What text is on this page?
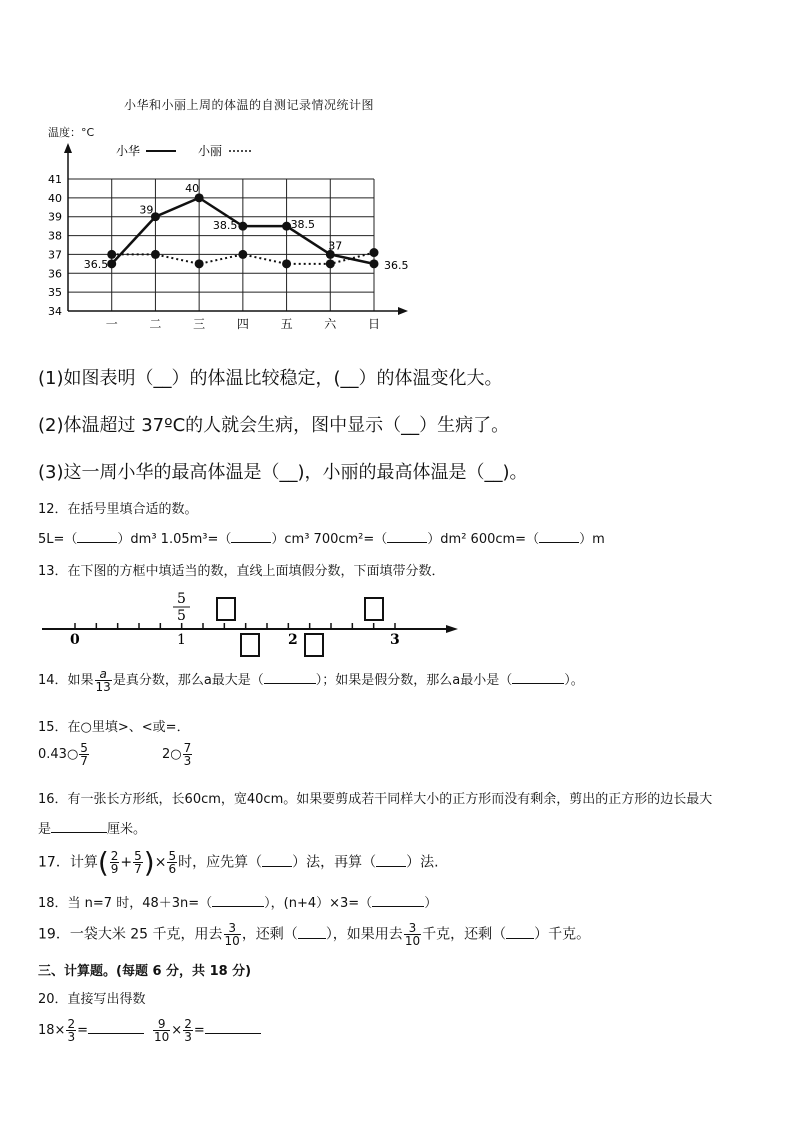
小华和小丽上周的体温的自测记录情况统计图
温度：°C
34
35
36
37
38
39
40
41
一	二	三	四	五	六	日
36.5
39
40
38.5	38.5
37
36.5
小华	小丽
(1)如图表明（__）的体温比较稳定，(__）的体温变化大。
(2)体温超过 37ºC的人就会生病，图中显示（__）生病了。
(3)这一周小华的最高体温是（__)，小丽的最高体温是（__)。
12．在括号里填合适的数。
5L=（	）dm³ 1.05m³=（	）cm³ 700cm²=（	）dm² 600cm=（	）m
13．在下图的方框中填适当的数，直线上面填假分数，下面填带分数．
0	1	2	3
5
5
14．如果 $\frac{a}{13}$ 是真分数，那么a最大是（	）；如果是假分数，那么a最小是（	）。
15．在○里填>、<或=．
0.43○ $\frac{5}{7}$	2○ $\frac{7}{3}$
16．有一张长方形纸，长60cm，宽40cm。如果要剪成若干同样大小的正方形而没有剩余，剪出的正方形的边长最大
是	厘米。
17．计算( $\frac{2}{9} + \frac{5}{7}$ )× $\frac{5}{6}$ 时，应先算（ ）法，再算（ ）法.
18．当 n=7 时，48＋3n=（	），(n+4）×3=（	）
19．一袋大米 25 千克，用去 $\frac{3}{10}$ ，还剩（ ），如果用去 $\frac{3}{10}$ 千克，还剩（ ）千克。
三、计算题。(每题 6 分，共 18 分)
20．直接写出得数
$18\times \frac{2}{3}$ =	$\frac{9}{10} \times \frac{2}{3}$ =
